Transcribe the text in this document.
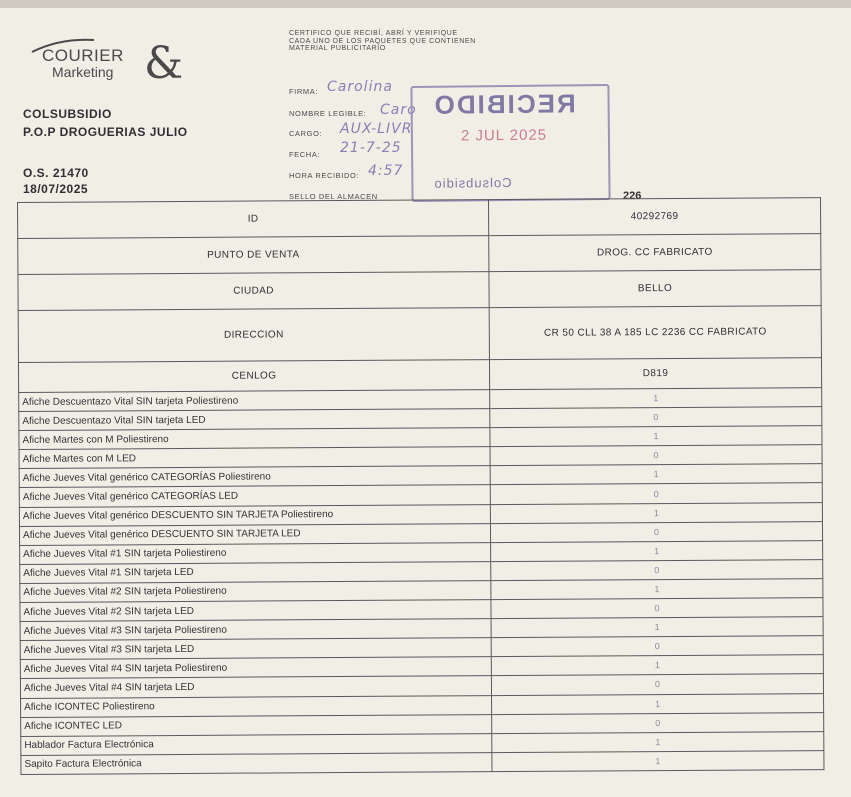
COURIER
Marketing &
CERTIFICO QUE RECIBÍ, ABRÍ Y VERIFIQUE CADA UNO DE LOS PAQUETES QUE CONTIENEN MATERIAL PUBLICITARIO
FIRMA: Carolina
NOMBRE LEGIBLE: Caro
CARGO: AUX-LIVR
FECHA: 21-7-25
HORA RECIBIDO: 4:57
SELLO DEL ALMACEN
COLSUBSIDIO
P.O.P DROGUERIAS JULIO
O.S. 21470
18/07/2025
RECIBIDO
2 JUL 2025
Colsubsidio
226
ID	40292769
PUNTO DE VENTA	DROG. CC FABRICATO
CIUDAD	BELLO
DIRECCION	CR 50 CLL 38 A 185 LC 2236 CC FABRICATO
CENLOG	D819
Afiche Descuentazo Vital SIN tarjeta Poliestireno	1
Afiche Descuentazo Vital SIN tarjeta LED	0
Afiche Martes con M Poliestireno	1
Afiche Martes con M LED	0
Afiche Jueves Vital genérico CATEGORÍAS Poliestireno	1
Afiche Jueves Vital genérico CATEGORÍAS LED	0
Afiche Jueves Vital genérico DESCUENTO SIN TARJETA Poliestireno	1
Afiche Jueves Vital genérico DESCUENTO SIN TARJETA LED	0
Afiche Jueves Vital #1 SIN tarjeta Poliestireno	1
Afiche Jueves Vital #1 SIN tarjeta LED	0
Afiche Jueves Vital #2 SIN tarjeta Poliestireno	1
Afiche Jueves Vital #2 SIN tarjeta LED	0
Afiche Jueves Vital #3 SIN tarjeta Poliestireno	1
Afiche Jueves Vital #3 SIN tarjeta LED	0
Afiche Jueves Vital #4 SIN tarjeta Poliestireno	1
Afiche Jueves Vital #4 SIN tarjeta LED	0
Afiche ICONTEC Poliestireno	1
Afiche ICONTEC LED	0
Hablador Factura Electrónica	1
Sapito Factura Electrónica	1
